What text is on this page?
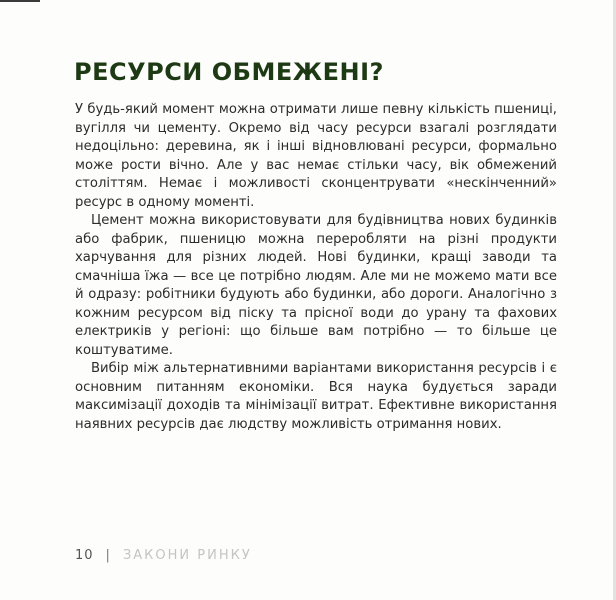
РЕСУРСИ ОБМЕЖЕНІ?

У будь-який момент можна отримати лише певну кількість пшениці, вугілля чи цементу. Окремо від часу ресурси взагалі розглядати недоцільно: деревина, як і інші відновлювані ресурси, формально може рости вічно. Але у вас немає стільки часу, вік обмежений століттям. Немає і можливості сконцентрувати «нескінченний» ресурс в одному моменті.

Цемент можна використовувати для будівництва нових будинків або фабрик, пшеницю можна переробляти на різні продукти харчування для різних людей. Нові будинки, кращі заводи та смачніша їжа — все це потрібно людям. Але ми не можемо мати все й одразу: робітники будують або будинки, або дороги. Аналогічно з кожним ресурсом від піску та прісної води до урану та фахових електриків у регіоні: що більше вам потрібно — то більше це коштуватиме.

Вибір між альтернативними варіантами використання ресурсів і є основним питанням економіки. Вся наука будується заради максимізації доходів та мінімізації витрат. Ефективне використання наявних ресурсів дає людству можливість отримання нових.

10 | ЗАКОНИ РИНКУ
